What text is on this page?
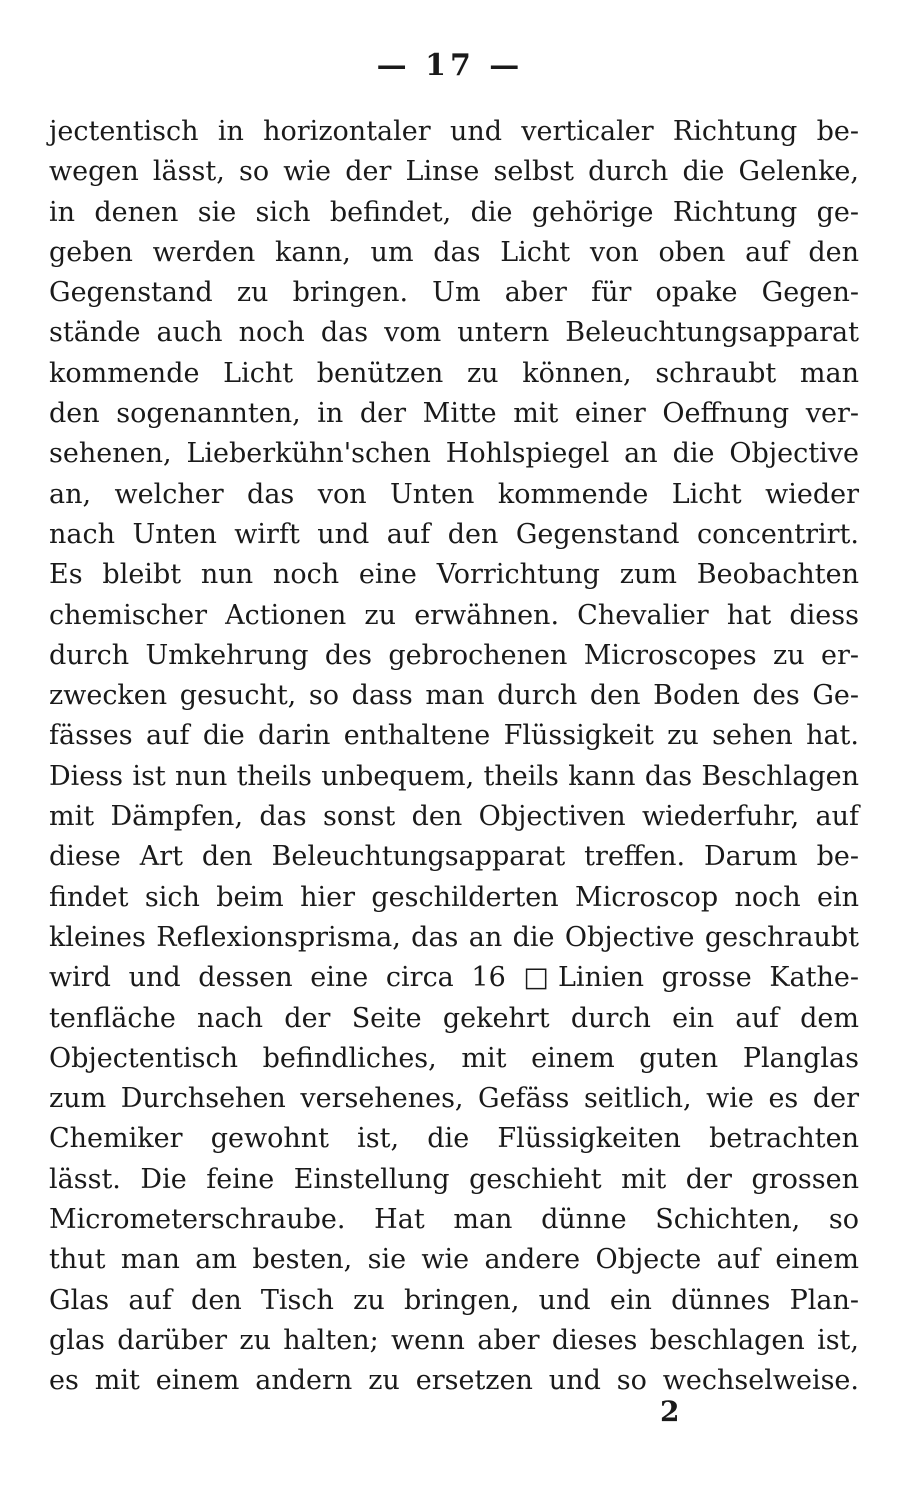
— 17 —
jectentisch in horizontaler und verticaler Richtung be-
wegen lässt, so wie der Linse selbst durch die Gelenke,
in denen sie sich befindet, die gehörige Richtung ge-
geben werden kann, um das Licht von oben auf den
Gegenstand zu bringen. Um aber für opake Gegen-
stände auch noch das vom untern Beleuchtungsapparat
kommende Licht benützen zu können, schraubt man
den sogenannten, in der Mitte mit einer Oeffnung ver-
sehenen, Lieberkühn'schen Hohlspiegel an die Objective
an, welcher das von Unten kommende Licht wieder
nach Unten wirft und auf den Gegenstand concentrirt.
Es bleibt nun noch eine Vorrichtung zum Beobachten
chemischer Actionen zu erwähnen. Chevalier hat diess
durch Umkehrung des gebrochenen Microscopes zu er-
zwecken gesucht, so dass man durch den Boden des Ge-
fässes auf die darin enthaltene Flüssigkeit zu sehen hat.
Diess ist nun theils unbequem, theils kann das Beschlagen
mit Dämpfen, das sonst den Objectiven wiederfuhr, auf
diese Art den Beleuchtungsapparat treffen. Darum be-
findet sich beim hier geschilderten Microscop noch ein
kleines Reflexionsprisma, das an die Objective geschraubt
wird und dessen eine circa 16 □Linien grosse Kathe-
tenfläche nach der Seite gekehrt durch ein auf dem
Objectentisch befindliches, mit einem guten Planglas
zum Durchsehen versehenes, Gefäss seitlich, wie es der
Chemiker gewohnt ist, die Flüssigkeiten betrachten
lässt. Die feine Einstellung geschieht mit der grossen
Micrometerschraube. Hat man dünne Schichten, so
thut man am besten, sie wie andere Objecte auf einem
Glas auf den Tisch zu bringen, und ein dünnes Plan-
glas darüber zu halten; wenn aber dieses beschlagen ist,
es mit einem andern zu ersetzen und so wechselweise.
2
